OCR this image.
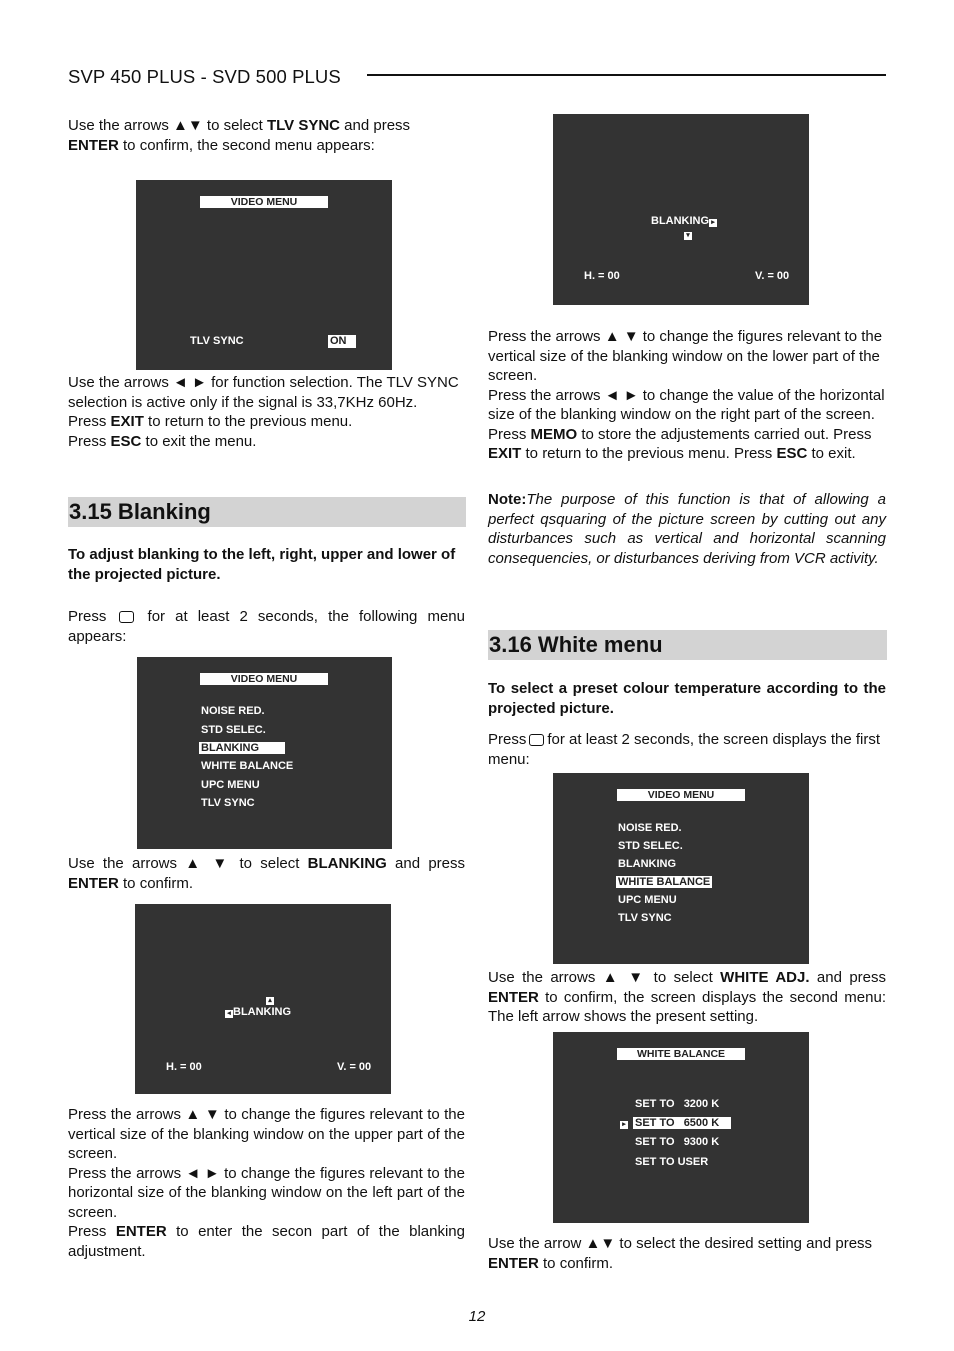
SVP 450 PLUS - SVD 500 PLUS

Use the arrows ▲▼ to select TLV SYNC and press ENTER to confirm, the second menu appears:

VIDEO MENU
TLV SYNC	ON

Use the arrows ◄ ► for function selection. The TLV SYNC selection is active only if the signal is 33,7KHz 60Hz.

Press EXIT to return to the previous menu.

Press ESC to exit the menu.

3.15 Blanking

To adjust blanking to the left, right, upper and lower of the projected picture.

Press	for at least 2 seconds, the following menu appears:

VIDEO MENU
NOISE RED.
STD SELEC.
BLANKING
WHITE BALANCE
UPC MENU
TLV SYNC

Use the arrows ▲ ▼ to select BLANKING and press ENTER to confirm.

▴
◂ BLANKING
H. = 00	V. = 00

Press the arrows ▲ ▼ to change the figures relevant to the vertical size of the blanking window on the upper part of the screen.

Press the arrows ◄ ► to change the figures relevant to the horizontal size of the blanking window on the left part of the screen.

Press ENTER to enter the secon part of the blanking adjustment.

BLANKING ▸
▾
H. = 00	V. = 00

Press the arrows ▲ ▼ to change the figures relevant to the vertical size of the blanking window on the lower part of the screen.

Press the arrows ◄ ► to change the value of the horizontal size of the blanking window on the right part of the screen.

Press MEMO to store the adjustements carried out. Press EXIT to return to the previous menu. Press ESC to exit.

Note:The purpose of this function is that of allowing a perfect qsquaring of the picture screen by cutting out any disturbances such as vertical and horizontal scanning consequencies, or disturbances deriving from VCR activity.

3.16 White menu

To select a preset colour temperature according to the projected picture.

Press for at least 2 seconds, the screen displays the first menu:

VIDEO MENU
NOISE RED.
STD SELEC.
BLANKING
WHITE BALANCE
UPC MENU
TLV SYNC

Use the arrows ▲ ▼ to select WHITE ADJ. and press ENTER to confirm, the screen displays the second menu: The left arrow shows the present setting.

WHITE BALANCE
SET TO   3200 K
▸ SET TO   6500 K
SET TO   9300 K
SET TO USER

Use the arrow ▲▼ to select the desired setting and press ENTER to confirm.

12
